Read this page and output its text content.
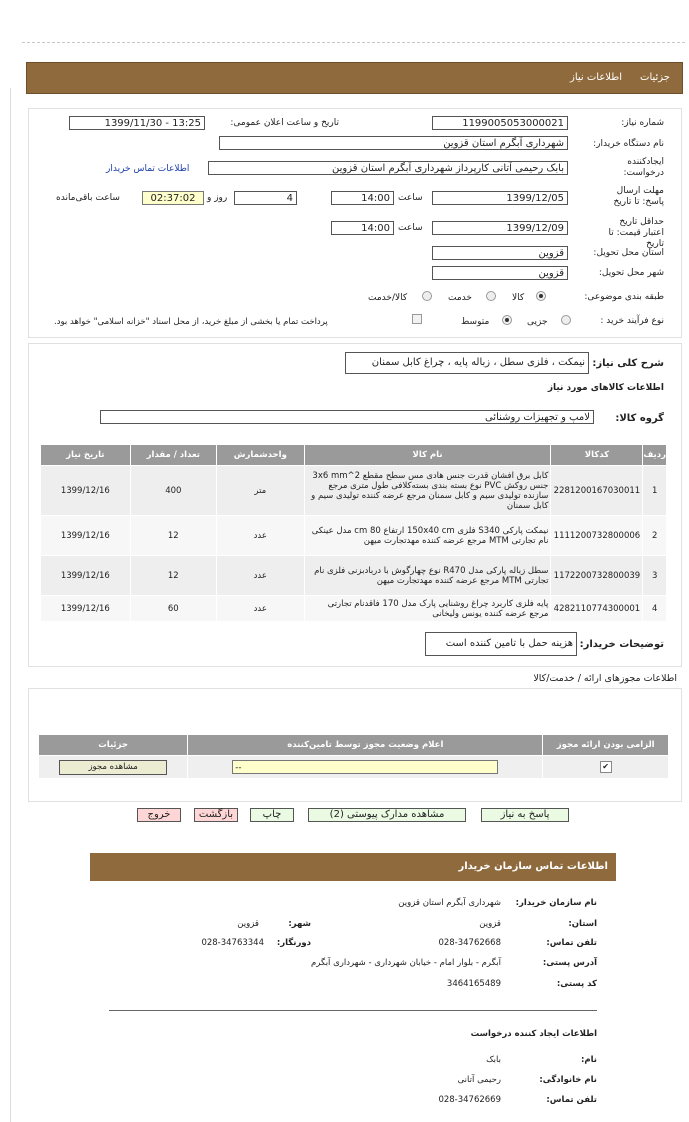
جزئیات
اطلاعات نیاز
شماره نیاز:
1199005053000021
تاریخ و ساعت اعلان عمومی:
1399/11/30 - 13:25
نام دستگاه خریدار:
شهرداری آبگرم استان قزوین
ایجادکننده درخواست:
بابک رحیمی آتانی کارپرداز شهرداری آبگرم استان قزوین
اطلاعات تماس خریدار
مهلت ارسال پاسخ: تا تاریخ
1399/12/05
ساعت
14:00
4
روز و
02:37:02
ساعت باقی‌مانده
حداقل تاریخ اعتبار قیمت: تا تاریخ
1399/12/09
ساعت
14:00
استان محل تحویل:
قزوین
شهر محل تحویل:
قزوین
طبقه بندی موضوعی:
کالا
خدمت
کالا/خدمت
نوع فرآیند خرید :
جزیی
متوسط
پرداخت تمام یا بخشی از مبلغ خرید، از محل اسناد "خزانه اسلامی" خواهد بود.
شرح کلی نیاز:
نیمکت ، فلزی سطل ، زباله پایه ، چراغ کابل سمنان
اطلاعات کالاهای مورد نیاز
گروه کالا:
لامپ و تجهیزات روشنائی
ردیف	کدکالا	نام کالا	واحدشمارش	تعداد / مقدار	تاریخ نیاز
1	2281200167030011	کابل برق افشان قدرت جنس هادی مس سطح مقطع 3x6 mm^2 جنس روکش PVC نوع بسته بندی بسته‌کلافی طول متری مرجع سازنده تولیدی سیم و کابل سمنان مرجع عرضه کننده تولیدی سیم و کابل سمنان	متر	400	1399/12/16
2	1111200732800006	نیمکت پارکی S340 فلزی 150x40 cm ارتفاع 80 cm مدل عینکی نام تجارتی MTM مرجع عرضه کننده مهدتجارت میهن	عدد	12	1399/12/16
3	1172200732800039	سطل زباله پارکی مدل R470 نوع چهارگوش با دربادبزنی فلزی نام تجارتی MTM مرجع عرضه کننده مهدتجارت میهن	عدد	12	1399/12/16
4	4282110774300001	پایه فلزی کاربرد چراغ روشنایی پارک مدل 170 فاقدنام تجارتی مرجع عرضه کننده یونس ولیخانی	عدد	60	1399/12/16
توضیحات خریدار:
هزینه حمل با تامین کننده است
اطلاعات مجوزهای ارائه / خدمت/کالا
الزامی بودن ارائه مجوز	اعلام وضعیت مجوز توسط تامین‌کننده	جزئیات
✔	--	مشاهده مجوز
پاسخ به نیاز
مشاهده مدارک پیوستی (2)
چاپ
بازگشت
خروج
اطلاعات تماس سازمان خریدار
نام سازمان خریدار:
شهرداری آبگرم استان قزوین
استان:
قزوین
شهر:
قزوین
تلفن تماس:
028-34762668
دورنگار:
028-34763344
آدرس پستی:
آبگرم - بلوار امام - خیابان شهرداری - شهرداری آبگرم
کد پستی:
3464165489
اطلاعات ایجاد کننده درخواست
نام:
بابک
نام خانوادگی:
رحیمی آتانی
تلفن تماس:
028-34762669
